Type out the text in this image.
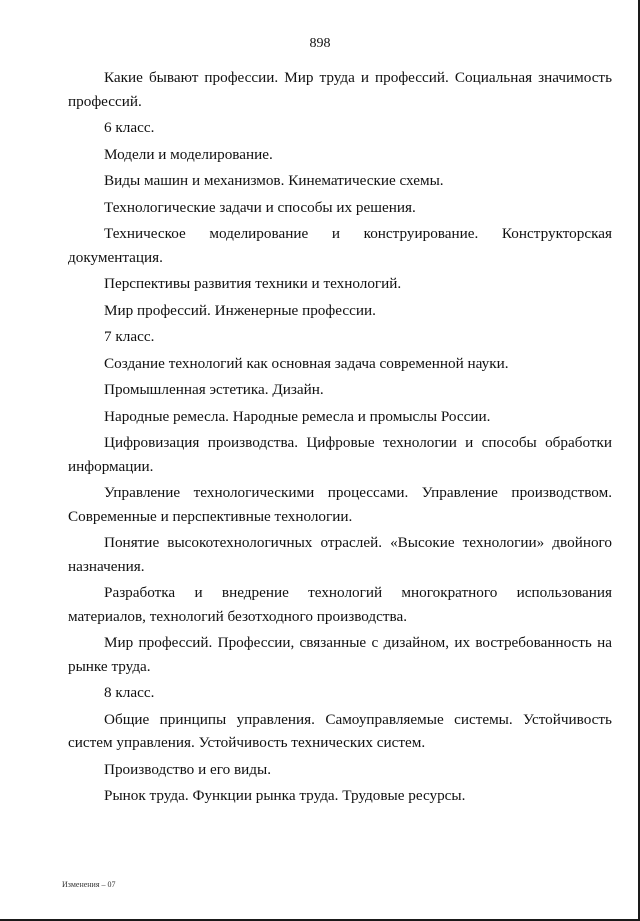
898

Какие бывают профессии. Мир труда и профессий. Социальная значимость профессий.

6 класс.

Модели и моделирование.

Виды машин и механизмов. Кинематические схемы.

Технологические задачи и способы их решения.

Техническое моделирование и конструирование. Конструкторская документация.

Перспективы развития техники и технологий.

Мир профессий. Инженерные профессии.

7 класс.

Создание технологий как основная задача современной науки.

Промышленная эстетика. Дизайн.

Народные ремесла. Народные ремесла и промыслы России.

Цифровизация производства. Цифровые технологии и способы обработки информации.

Управление технологическими процессами. Управление производством. Современные и перспективные технологии.

Понятие высокотехнологичных отраслей. «Высокие технологии» двойного назначения.

Разработка и внедрение технологий многократного использования материалов, технологий безотходного производства.

Мир профессий. Профессии, связанные с дизайном, их востребованность на рынке труда.

8 класс.

Общие принципы управления. Самоуправляемые системы. Устойчивость систем управления. Устойчивость технических систем.

Производство и его виды.

Рынок труда. Функции рынка труда. Трудовые ресурсы.

Изменения – 07
